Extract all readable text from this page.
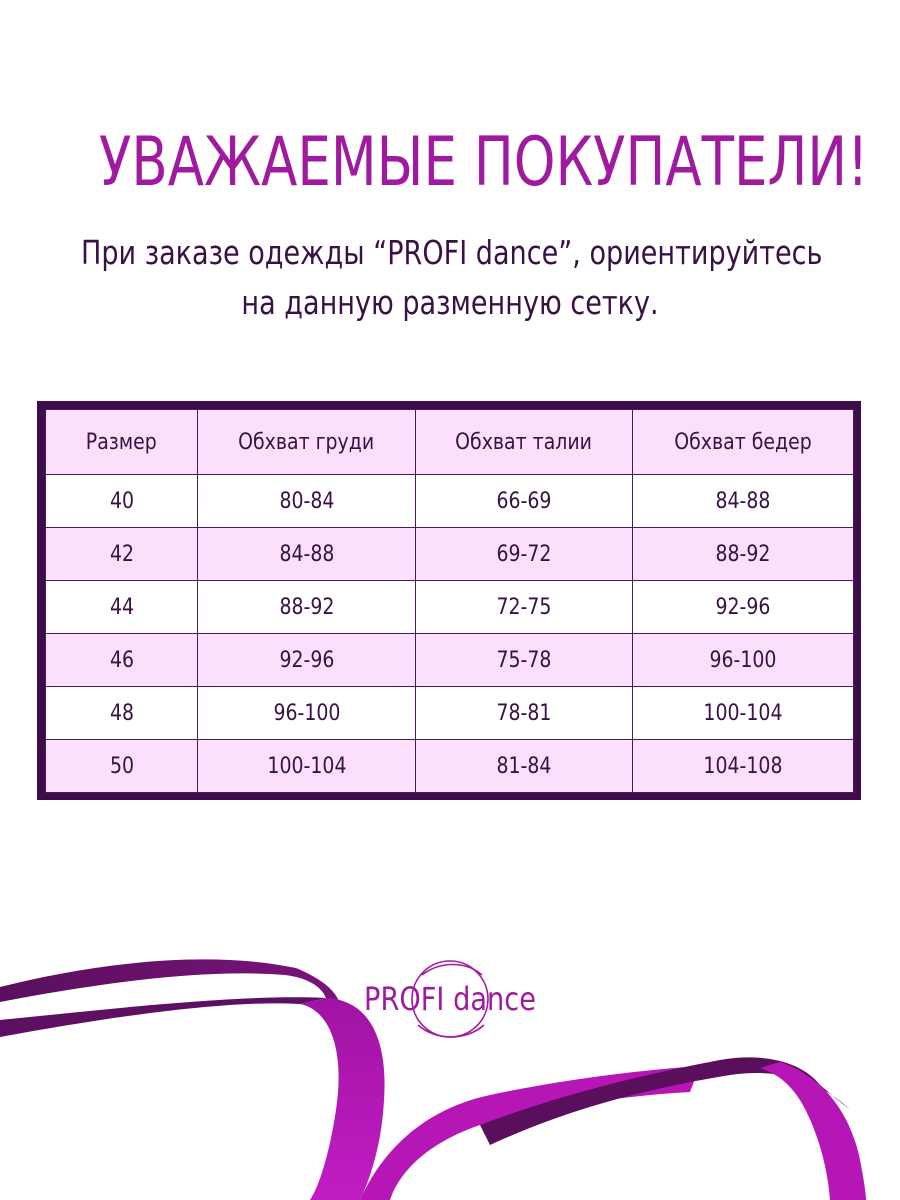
УВАЖАЕМЫЕ ПОКУПАТЕЛИ!
При заказе одежды “PROFI dance”, ориентируйтесь
на данную разменную сетку.
Размер	Обхват груди	Обхват талии	Обхват бедер
40	80-84	66-69	84-88
42	84-88	69-72	88-92
44	88-92	72-75	92-96
46	92-96	75-78	96-100
48	96-100	78-81	100-104
50	100-104	81-84	104-108
PROFI dance
